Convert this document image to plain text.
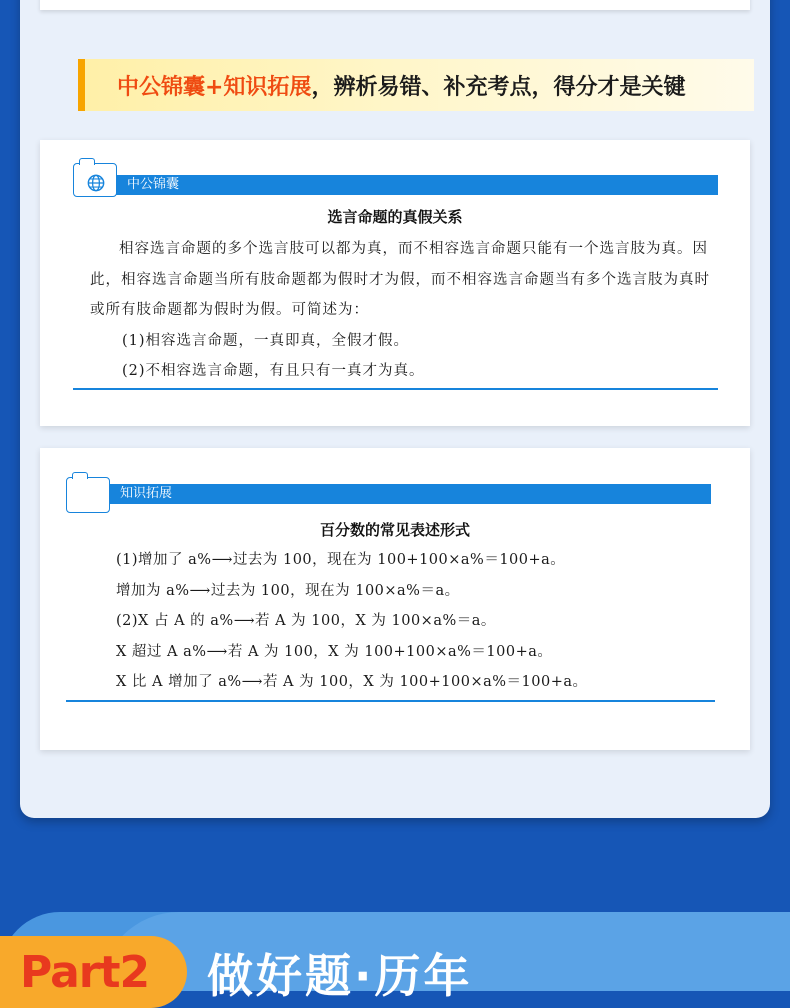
中公锦囊+知识拓展 ，辨析易错、补充考点，得分才是关键
中公锦囊
选言命题的真假关系

相容选言命题的多个选言肢可以都为真，而不相容选言命题只能有一个选言肢为真。因此，相容选言命题当所有肢命题都为假时才为假，而不相容选言命题当有多个选言肢为真时或所有肢命题都为假时为假。可简述为：

(1)相容选言命题，一真即真，全假才假。

(2)不相容选言命题，有且只有一真才为真。

知识拓展
百分数的常见表述形式

(1)增加了 a%⟶过去为 100，现在为 100+100×a%＝100+a。

增加为 a%⟶过去为 100，现在为 100×a%＝a。

(2)X 占 A 的 a%⟶若 A 为 100，X 为 100×a%＝a。

X 超过 A a%⟶若 A 为 100，X 为 100+100×a%＝100+a。

X 比 A 增加了 a%⟶若 A 为 100，X 为 100+100×a%＝100+a。

Part2	做好题·历年
